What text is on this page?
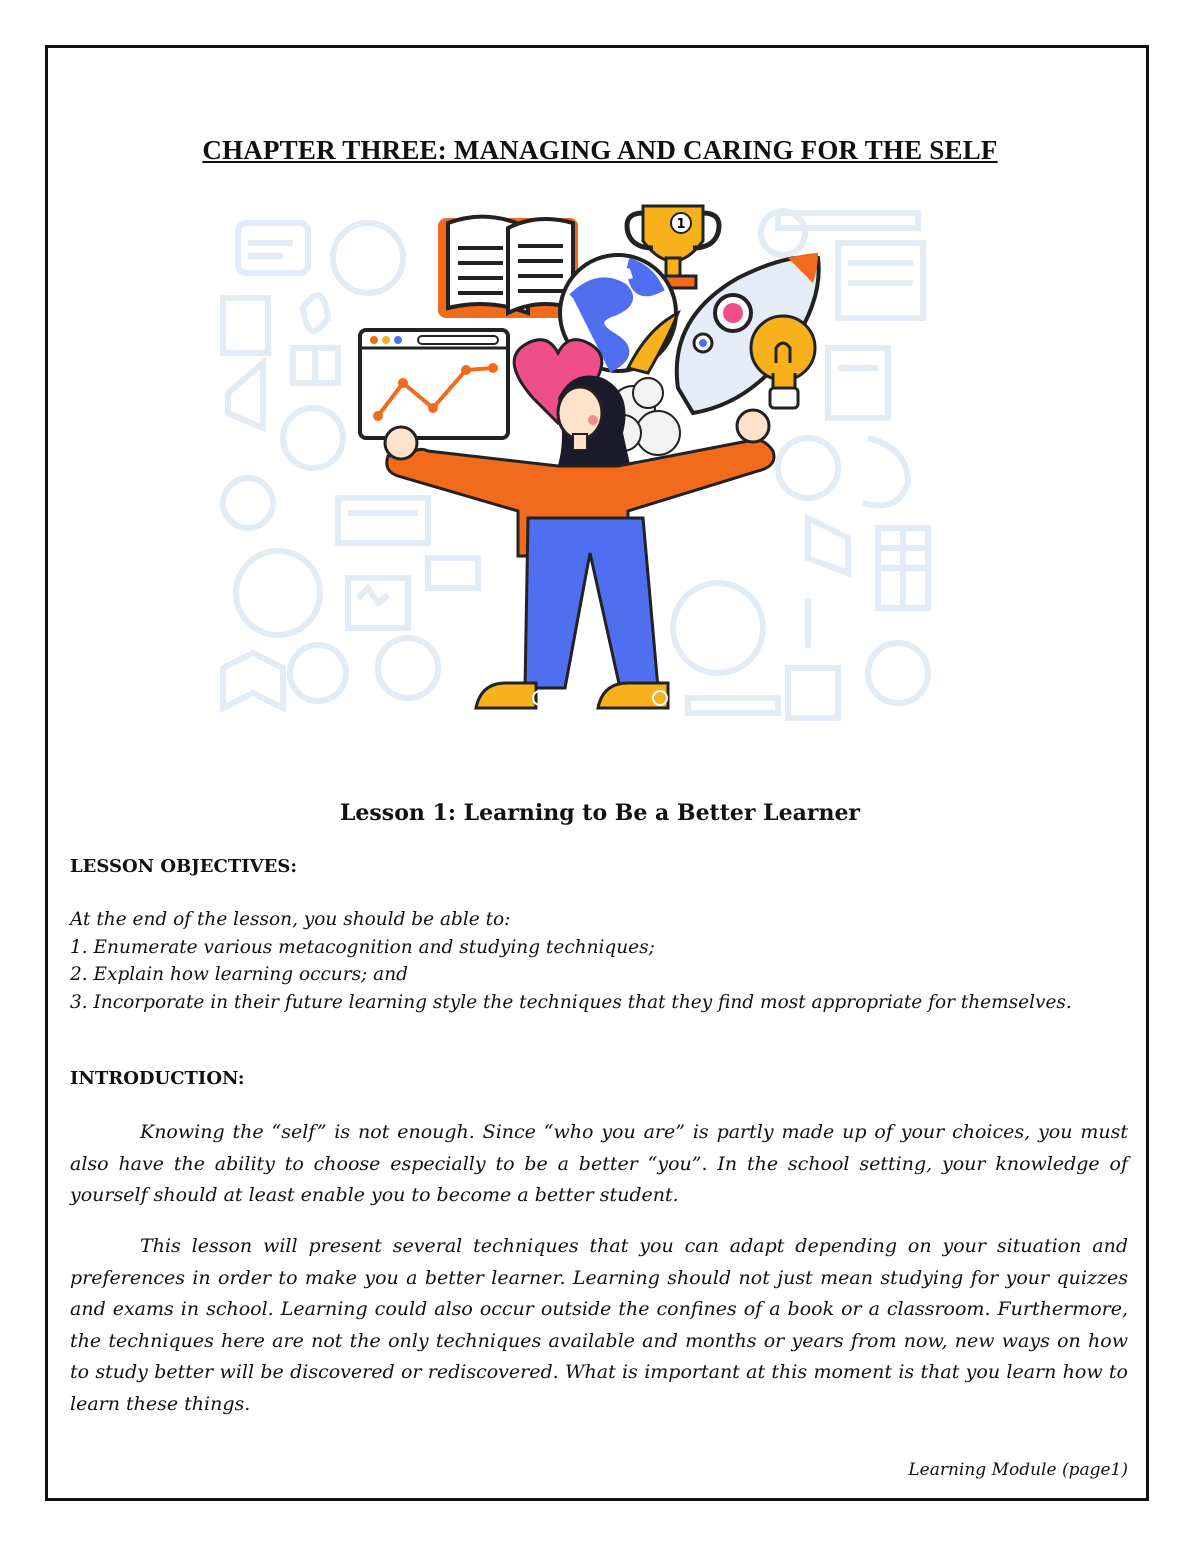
CHAPTER THREE: MANAGING AND CARING FOR THE SELF
1
Lesson 1: Learning to Be a Better Learner
LESSON OBJECTIVES:
At the end of the lesson, you should be able to:
1. Enumerate various metacognition and studying techniques;
2. Explain how learning occurs; and
3. Incorporate in their future learning style the techniques that they find most appropriate for themselves.
INTRODUCTION:
Knowing the “self” is not enough. Since “who you are” is partly made up of your choices, you must also have the ability to choose especially to be a better “you”. In the school setting, your knowledge of yourself should at least enable you to become a better student.
This lesson will present several techniques that you can adapt depending on your situation and preferences in order to make you a better learner. Learning should not just mean studying for your quizzes and exams in school. Learning could also occur outside the confines of a book or a classroom. Furthermore, the techniques here are not the only techniques available and months or years from now, new ways on how to study better will be discovered or rediscovered. What is important at this moment is that you learn how to learn these things.
Learning Module (page1)
